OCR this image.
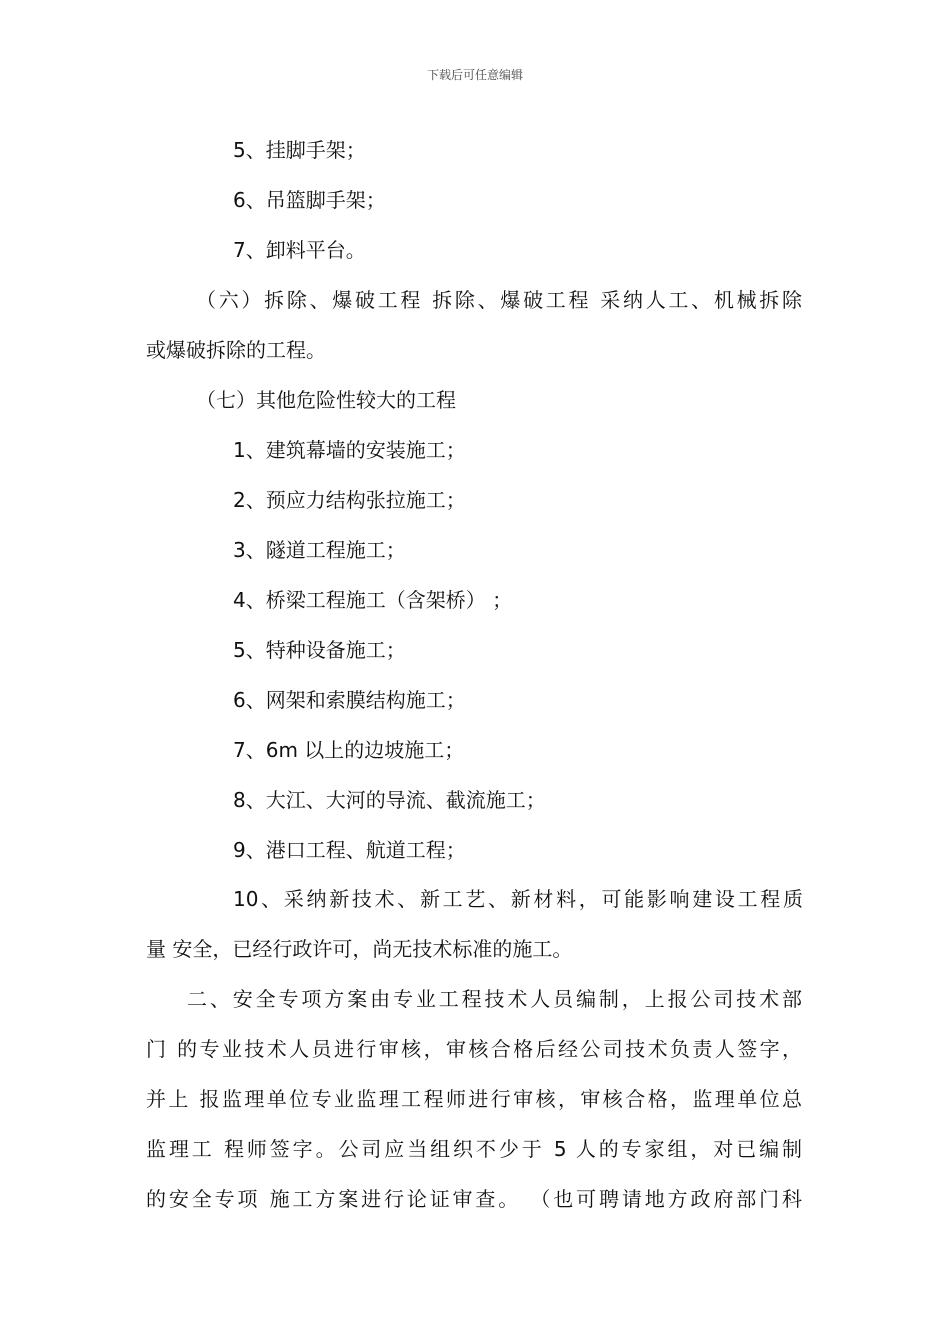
下载后可任意编辑
5、挂脚手架；
6、吊篮脚手架；
7、卸料平台。
（六）拆除、爆破工程 拆除、爆破工程 采纳人工、机械拆除
或爆破拆除的工程。
（七）其他危险性较大的工程
1、建筑幕墙的安装施工；
2、预应力结构张拉施工；
3、隧道工程施工；
4、桥梁工程施工（含架桥） ；
5、特种设备施工；
6、网架和索膜结构施工；
7、6m 以上的边坡施工；
8、大江、大河的导流、截流施工；
9、港口工程、航道工程；
10、采纳新技术、新工艺、新材料，可能影响建设工程质
量 安全，已经行政许可，尚无技术标准的施工。
二、安全专项方案由专业工程技术人员编制，上报公司技术部
门 的专业技术人员进行审核，审核合格后经公司技术负责人签字，
并上 报监理单位专业监理工程师进行审核，审核合格，监理单位总
监理工 程师签字。公司应当组织不少于 5 人的专家组，对已编制
的安全专项 施工方案进行论证审查。 （也可聘请地方政府部门科
